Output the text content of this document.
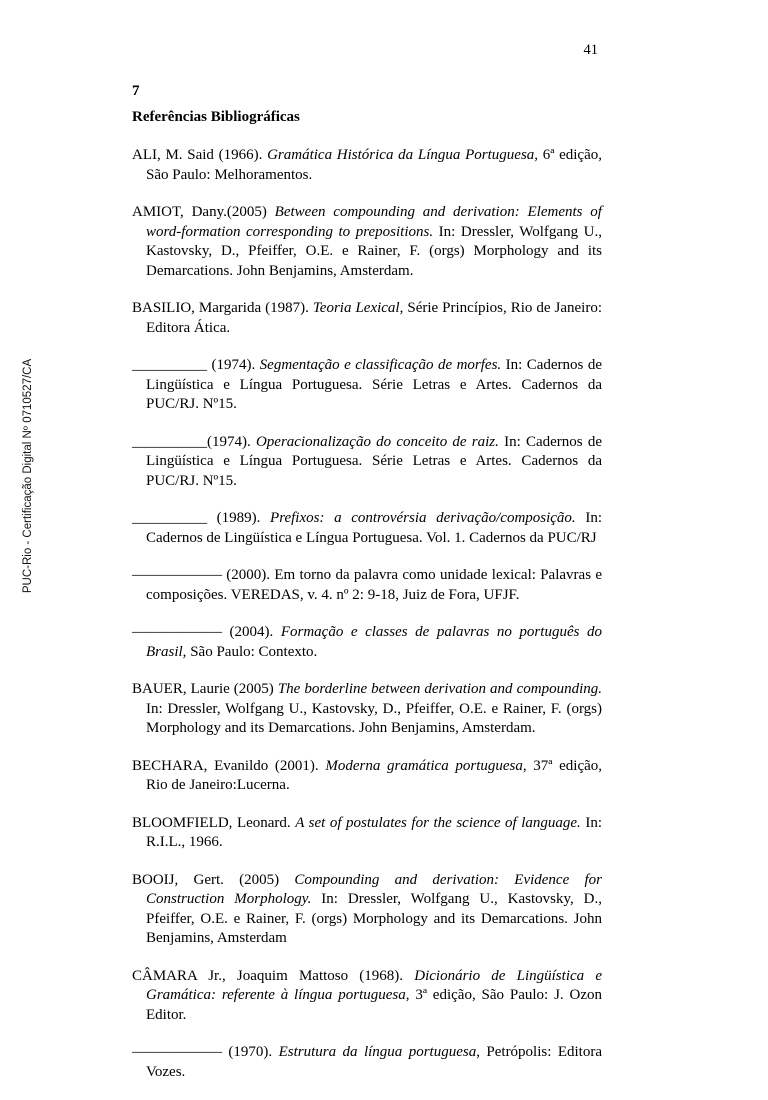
41
PUC-Rio - Certificação Digital Nº 0710527/CA
7
Referências Bibliográficas

ALI, M. Said (1966). Gramática Histórica da Língua Portuguesa, 6ª edição, São Paulo: Melhoramentos.

AMIOT, Dany.(2005) Between compounding and derivation: Elements of word-formation corresponding to prepositions. In: Dressler, Wolfgang U., Kastovsky, D., Pfeiffer, O.E. e Rainer, F. (orgs) Morphology and its Demarcations. John Benjamins, Amsterdam.

BASILIO, Margarida (1987). Teoria Lexical, Série Princípios, Rio de Janeiro: Editora Ática.

__________ (1974). Segmentação e classificação de morfes. In: Cadernos de Lingüística e Língua Portuguesa. Série Letras e Artes. Cadernos da PUC/RJ. Nº15.

__________(1974). Operacionalização do conceito de raiz. In: Cadernos de Lingüística e Língua Portuguesa. Série Letras e Artes. Cadernos da PUC/RJ. Nº15.

__________ (1989). Prefixos: a controvérsia derivação/composição. In: Cadernos de Lingüística e Língua Portuguesa. Vol. 1. Cadernos da PUC/RJ

—————— (2000). Em torno da palavra como unidade lexical: Palavras e composições. VEREDAS, v. 4. nº 2: 9-18, Juiz de Fora, UFJF.

—————— (2004). Formação e classes de palavras no português do Brasil, São Paulo: Contexto.

BAUER, Laurie (2005) The borderline between derivation and compounding. In: Dressler, Wolfgang U., Kastovsky, D., Pfeiffer, O.E. e Rainer, F. (orgs) Morphology and its Demarcations. John Benjamins, Amsterdam.

BECHARA, Evanildo (2001). Moderna gramática portuguesa, 37ª edição, Rio de Janeiro:Lucerna.

BLOOMFIELD, Leonard. A set of postulates for the science of language. In: R.I.L., 1966.

BOOIJ, Gert. (2005) Compounding and derivation: Evidence for Construction Morphology. In: Dressler, Wolfgang U., Kastovsky, D., Pfeiffer, O.E. e Rainer, F. (orgs) Morphology and its Demarcations. John Benjamins, Amsterdam

CÂMARA Jr., Joaquim Mattoso (1968). Dicionário de Lingüística e Gramática: referente à língua portuguesa, 3ª edição, São Paulo: J. Ozon Editor.

—————— (1970). Estrutura da língua portuguesa, Petrópolis: Editora Vozes.
